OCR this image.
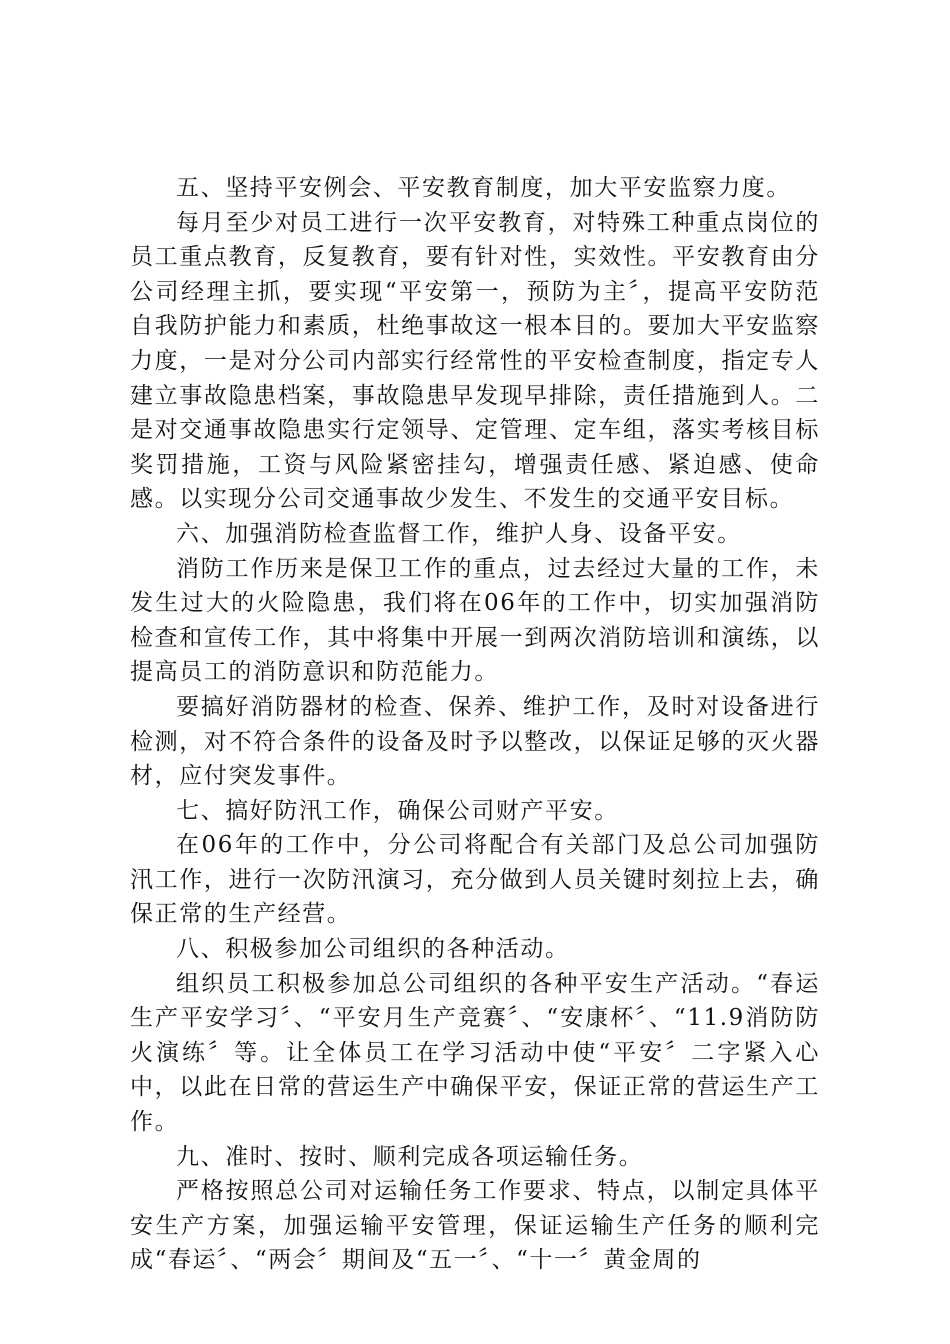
五、坚持平安例会、平安教育制度，加大平安监察力度。

每月至少对员工进行一次平安教育，对特殊工种重点岗位的员工重点教育，反复教育，要有针对性，实效性。平安教育由分公司经理主抓，要实现“平安第一，预防为主〞，提高平安防范自我防护能力和素质，杜绝事故这一根本目的。要加大平安监察力度，一是对分公司内部实行经常性的平安检查制度，指定专人建立事故隐患档案，事故隐患早发现早排除，责任措施到人。二是对交通事故隐患实行定领导、定管理、定车组，落实考核目标奖罚措施，工资与风险紧密挂勾，增强责任感、紧迫感、使命感。以实现分公司交通事故少发生、不发生的交通平安目标。

六、加强消防检查监督工作，维护人身、设备平安。

消防工作历来是保卫工作的重点，过去经过大量的工作，未发生过大的火险隐患，我们将在06年的工作中，切实加强消防检查和宣传工作，其中将集中开展一到两次消防培训和演练，以提高员工的消防意识和防范能力。

要搞好消防器材的检查、保养、维护工作，及时对设备进行检测，对不符合条件的设备及时予以整改，以保证足够的灭火器材，应付突发事件。

七、搞好防汛工作，确保公司财产平安。

在06年的工作中，分公司将配合有关部门及总公司加强防汛工作，进行一次防汛演习，充分做到人员关键时刻拉上去，确保正常的生产经营。

八、积极参加公司组织的各种活动。

组织员工积极参加总公司组织的各种平安生产活动。“春运生产平安学习〞、“平安月生产竞赛〞、“安康杯〞、“11.9消防防火演练〞等。让全体员工在学习活动中使“平安〞二字紧入心中，以此在日常的营运生产中确保平安，保证正常的营运生产工作。

九、准时、按时、顺利完成各项运输任务。

严格按照总公司对运输任务工作要求、特点，以制定具体平安生产方案，加强运输平安管理，保证运输生产任务的顺利完成“春运〞、“两会〞期间及“五一〞、“十一〞黄金周的
